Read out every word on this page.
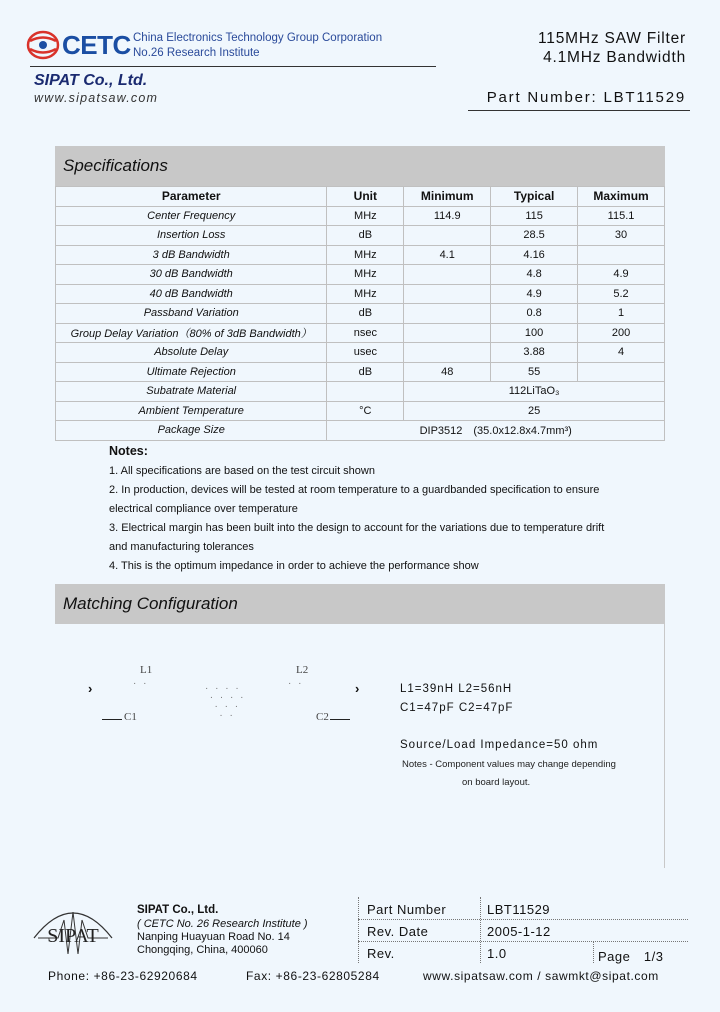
CETC China Electronics Technology Group Corporation
No.26 Research Institute
SIPAT Co., Ltd.
www.sipatsaw.com
115MHz SAW Filter
4.1MHz Bandwidth
Part Number: LBT11529
Specifications
Parameter	Unit	Minimum	Typical	Maximum
Center Frequency	MHz	114.9	115	115.1
Insertion Loss	dB		28.5	30
3 dB Bandwidth	MHz	4.1	4.16	
30 dB Bandwidth	MHz		4.8	4.9
40 dB Bandwidth	MHz		4.9	5.2
Passband Variation	dB		0.8	1
Group Delay Variation（80% of 3dB Bandwidth）	nsec		100	200
Absolute Delay	usec		3.88	4
Ultimate Rejection	dB	48	55	
Subatrate Material		112LiTaO₃		
Ambient Temperature	°C	25		
Package Size	DIP3512　(35.0x12.8x4.7mm³)			
Notes:
1. All specifications are based on the test circuit shown
2. In production, devices will be tested at room temperature to a guardbanded specification to ensure
electrical compliance over temperature
3. Electrical margin has been built into the design to account for the variations due to temperature drift
and manufacturing tolerances
4. This is the optimum impedance in order to achieve the performance show
Matching Configuration
L1	L2
C1	C2
· ·	· ·
· · · ·
· · · ·
· · ·
· ·
›	›	L1=39nH L2=56nH
C1=47pF C2=47pF
Source/Load Impedance=50 ohm
Notes - Component values may change depending
on board layout.
SIPAT
SIPAT Co., Ltd.
( CETC No. 26 Research Institute )
Nanping Huayuan Road No. 14
Chongqing, China, 400060
Part Number	LBT11529
Rev. Date	2005-1-12
Rev.	1.0	Page　1/3
Phone: +86-23-62920684	Fax: +86-23-62805284	www.sipatsaw.com / sawmkt@sipat.com
